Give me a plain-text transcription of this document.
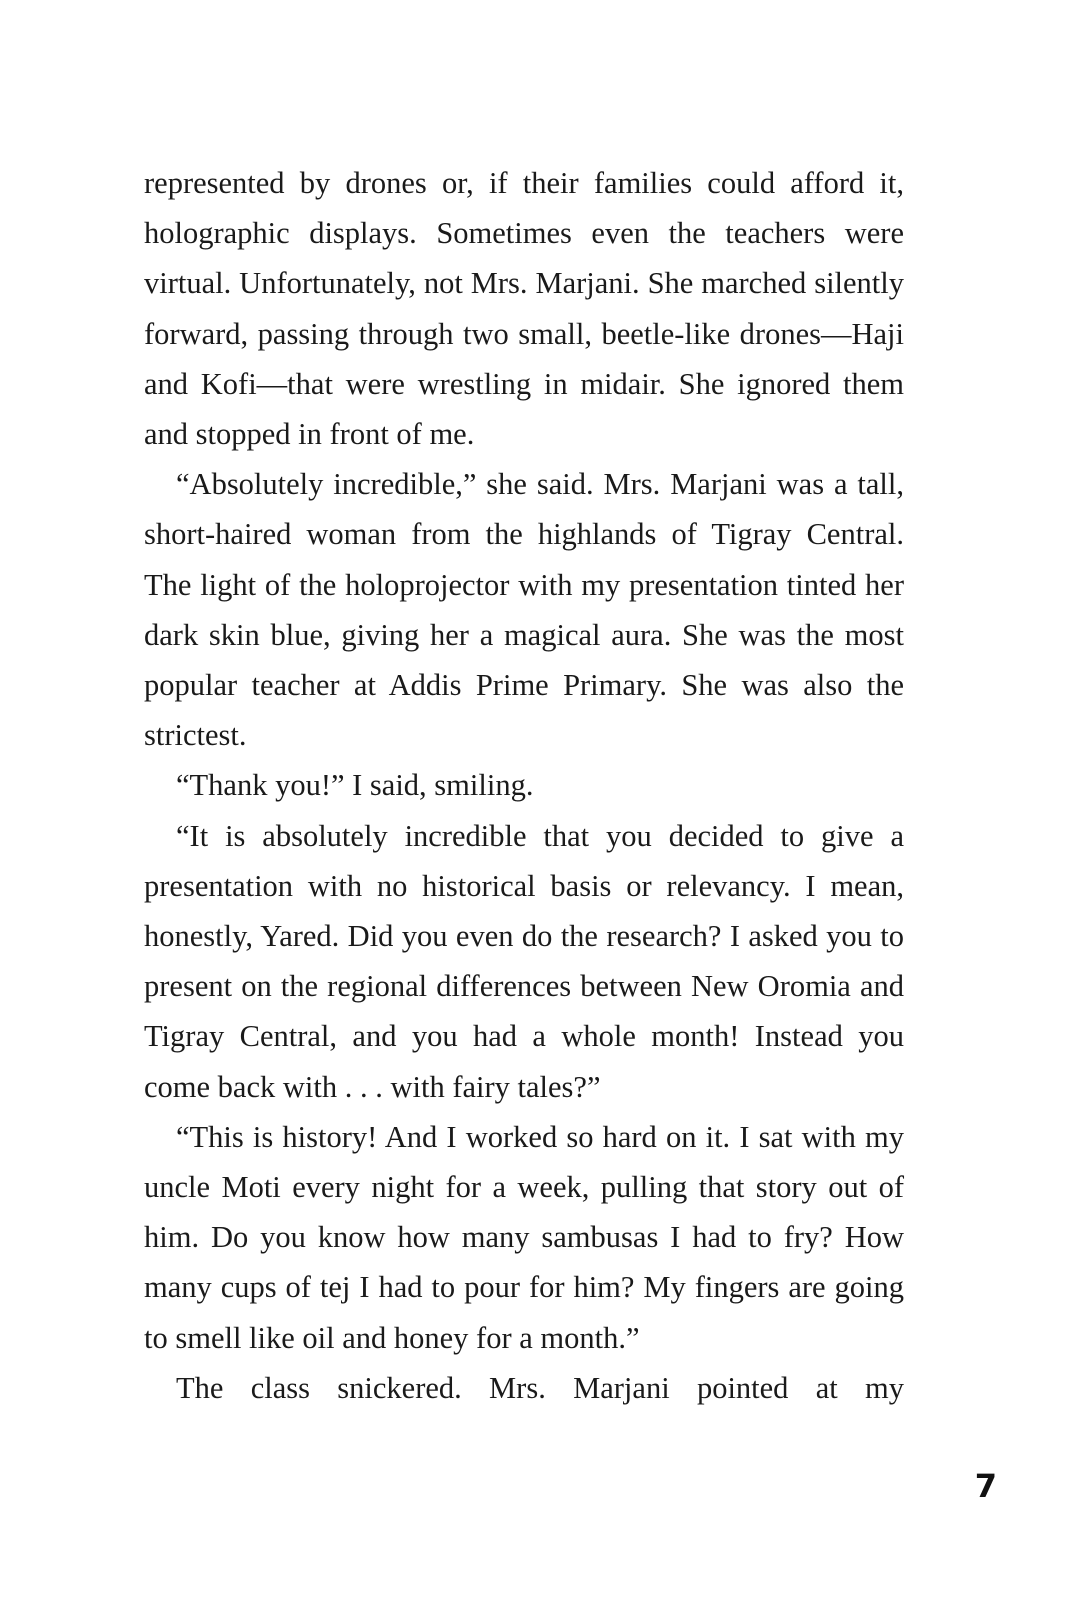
represented by drones or, if their families could afford it, holographic displays. Sometimes even the teachers were virtual. Unfortunately, not Mrs. Marjani. She marched silently forward, passing through two small, beetle-like drones—Haji and Kofi—that were wrestling in midair. She ignored them and stopped in front of me.

“Absolutely incredible,” she said. Mrs. Marjani was a tall, short-haired woman from the highlands of Tigray Central. The light of the holoprojector with my presentation tinted her dark skin blue, giving her a magical aura. She was the most popular teacher at Addis Prime Primary. She was also the strictest.

“Thank you!” I said, smiling.

“It is absolutely incredible that you decided to give a presentation with no historical basis or relevancy. I mean, honestly, Yared. Did you even do the research? I asked you to present on the regional differences between New Oromia and Tigray Central, and you had a whole month! Instead you come back with . . . with fairy tales?”

“This is history! And I worked so hard on it. I sat with my uncle Moti every night for a week, pulling that story out of him. Do you know how many sambusas I had to fry? How many cups of tej I had to pour for him? My fingers are going to smell like oil and honey for a month.”

The class snickered. Mrs. Marjani pointed at my

7
